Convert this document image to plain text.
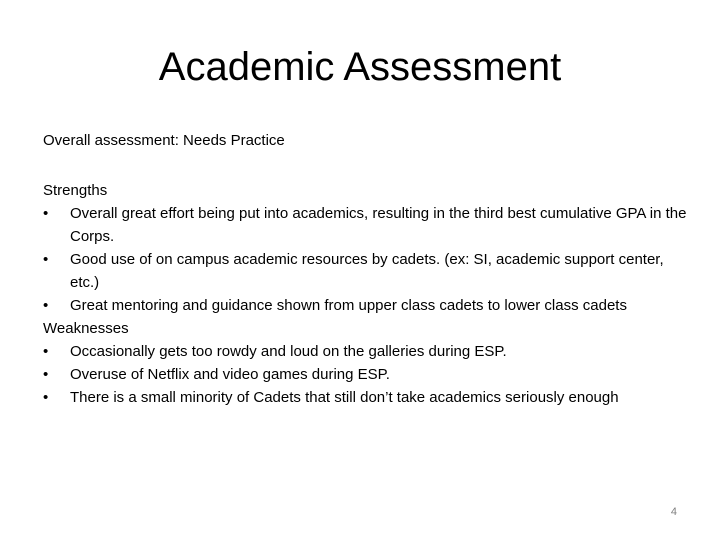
Academic Assessment

Overall assessment: Needs Practice

Strengths

•	Overall great effort being put into academics, resulting in the third best cumulative GPA in the Corps.
•	Good use of on campus academic resources by cadets. (ex: SI, academic support center, etc.)
•	Great mentoring and guidance shown from upper class cadets to lower class cadets

Weaknesses

•	Occasionally gets too rowdy and loud on the galleries during ESP.
•	Overuse of Netflix and video games during ESP.
•	There is a small minority of Cadets that still don’t take academics seriously enough
4
